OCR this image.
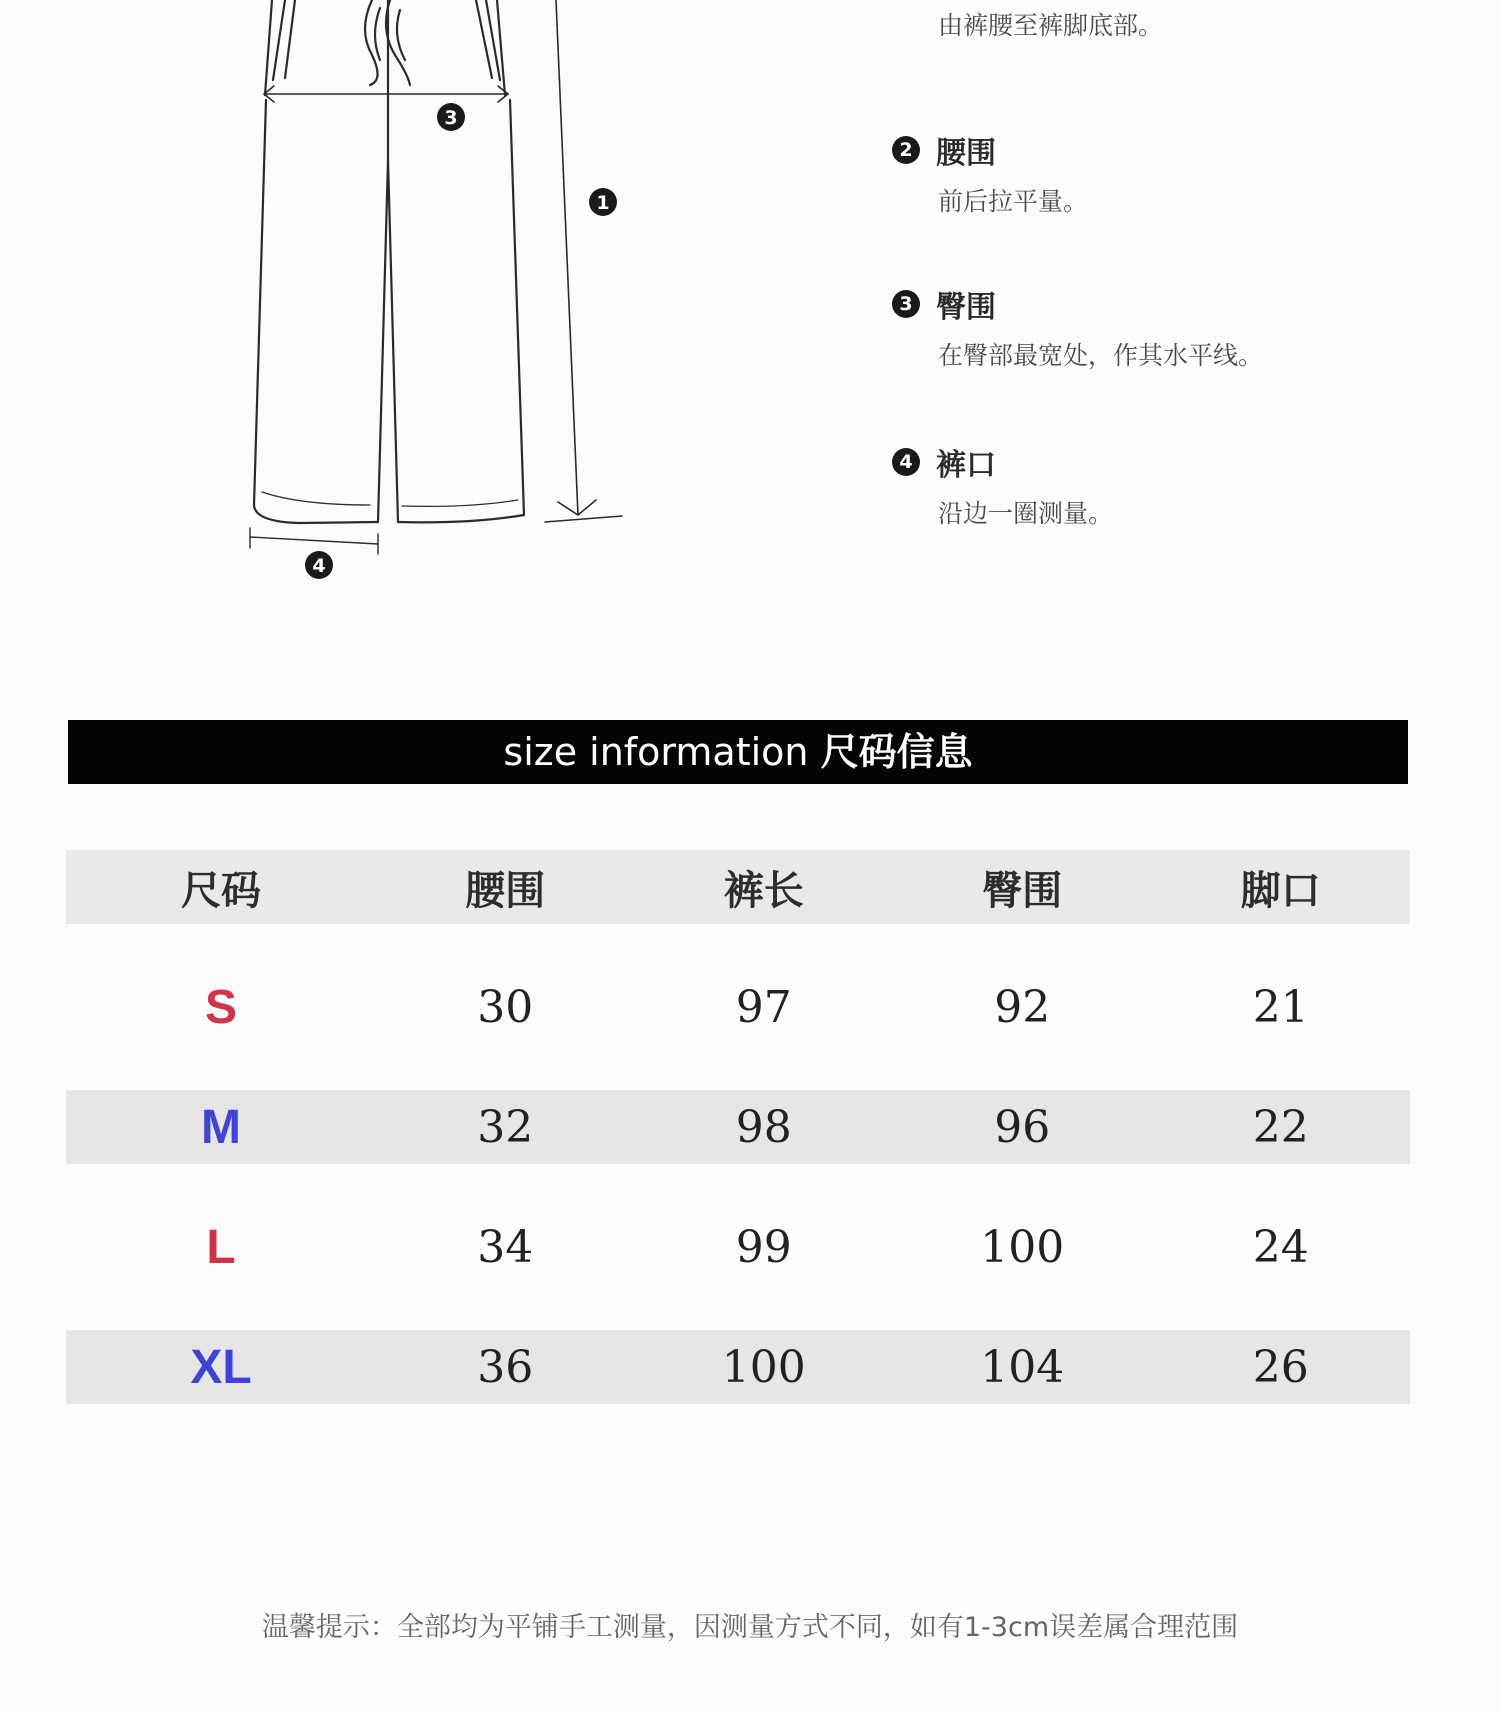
3
1
4
由裤腰至裤脚底部。
2 腰围
前后拉平量。
3 臀围
在臀部最宽处，作其水平线。
4 裤口
沿边一圈测量。
size information 尺码信息
尺码	腰围	裤长	臀围	脚口
S	30	97	92	21
M	32	98	96	22
L	34	99	100	24
XL	36	100	104	26
温馨提示：全部均为平铺手工测量，因测量方式不同，如有1-3cm误差属合理范围
